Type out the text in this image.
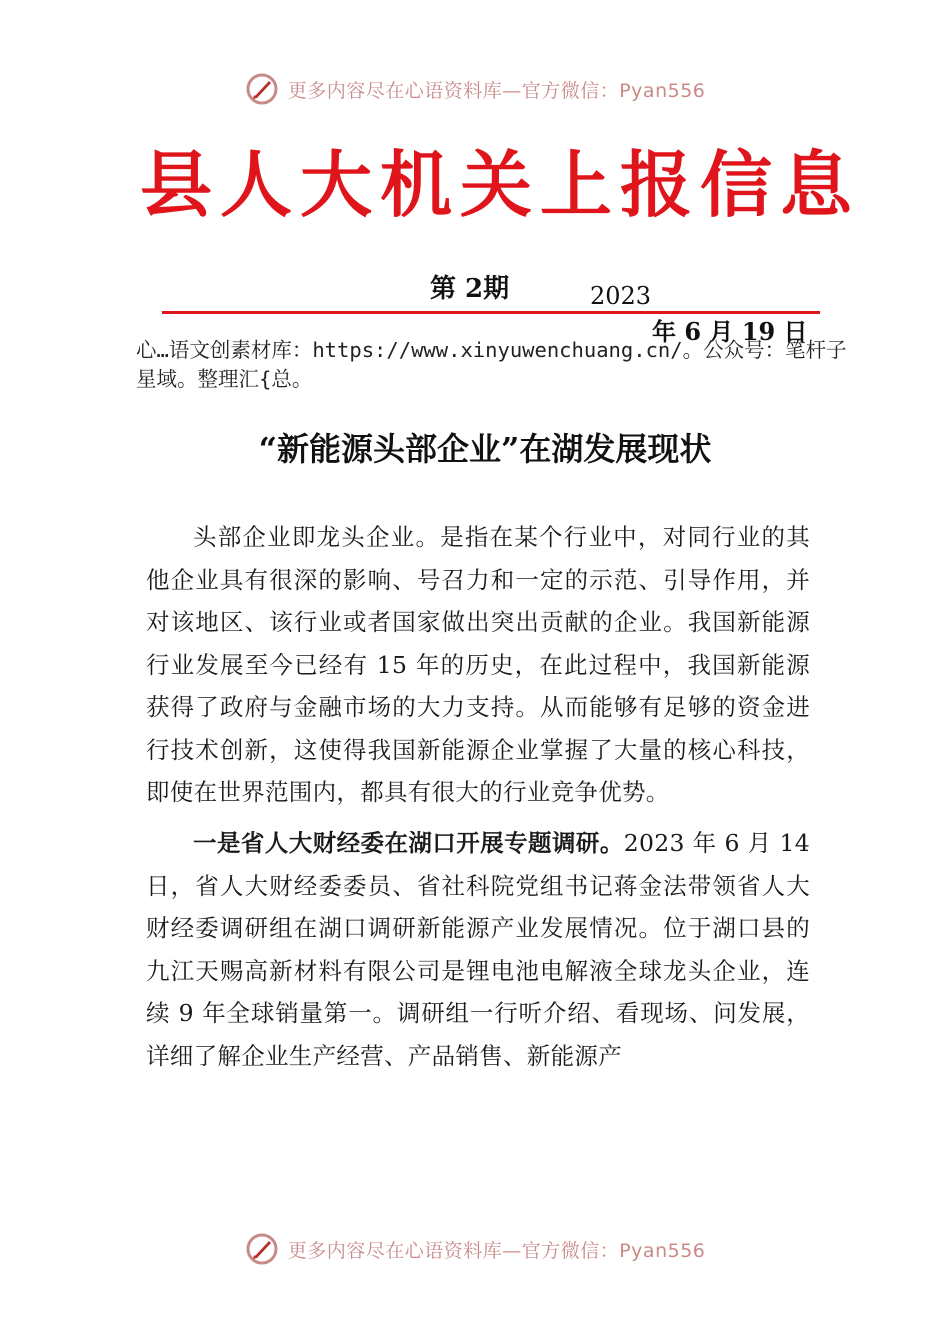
更多内容尽在心语资料库—官方微信：Pyan556
县人大机关上报信息
第 2期	2023
年 6 月 19 日
心…语文创素材库：https://www.xinyuwenchuang.cn/。公众号：笔杆子星域。整理汇{总。
“新能源头部企业”在湖发展现状

头部企业即龙头企业。是指在某个行业中，对同行业的其他企业具有很深的影响、号召力和一定的示范、引导作用，并对该地区、该行业或者国家做出突出贡献的企业。我国新能源行业发展至今已经有 15 年的历史，在此过程中，我国新能源获得了政府与金融市场的大力支持。从而能够有足够的资金进行技术创新，这使得我国新能源企业掌握了大量的核心科技，即使在世界范围内，都具有很大的行业竞争优势。

一是省人大财经委在湖口开展专题调研。2023 年 6 月 14 日，省人大财经委委员、省社科院党组书记蒋金法带领省人大财经委调研组在湖口调研新能源产业发展情况。位于湖口县的九江天赐高新材料有限公司是锂电池电解液全球龙头企业，连续 9 年全球销量第一。调研组一行听介绍、看现场、问发展，详细了解企业生产经营、产品销售、新能源产

更多内容尽在心语资料库—官方微信：Pyan556
